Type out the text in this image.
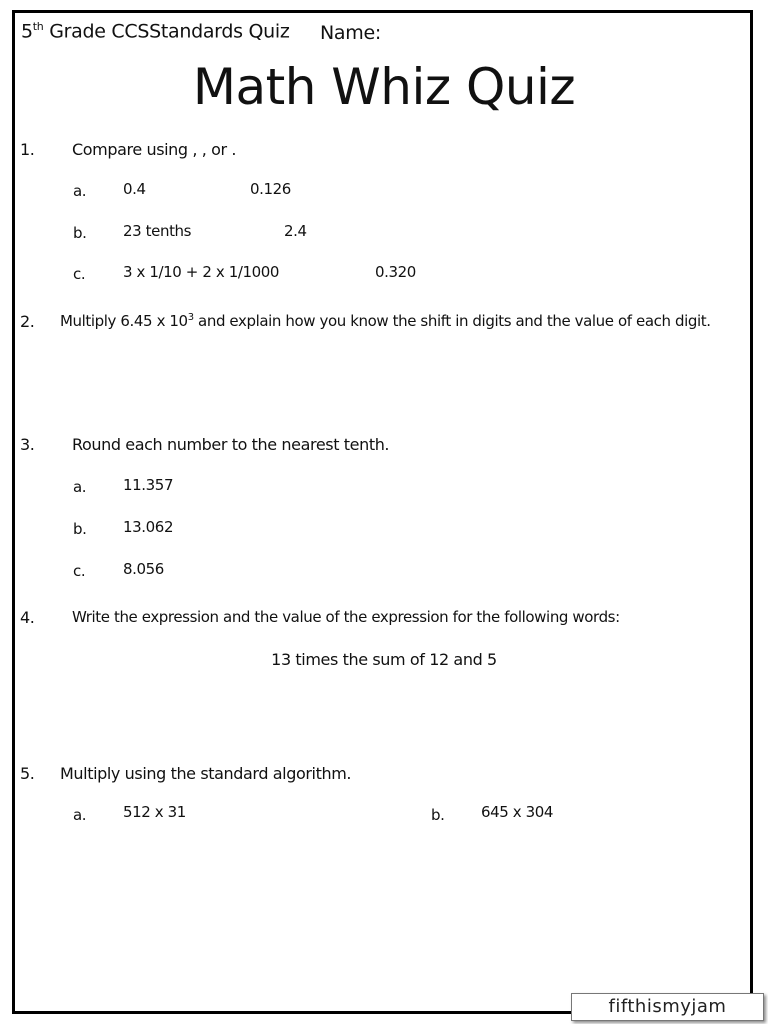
5th Grade CCSStandards Quiz Name:
Math Whiz Quiz
1. Compare using , , or .
a. 0.4	0.126
b. 23 tenths	2.4
c.	3 x 1/10 + 2 x 1/1000	0.320
2. Multiply 6.45 x $10^3$ and explain how you know the shift in digits and the value of each digit.
3. Round each number to the nearest tenth.
a. 11.357
b. 13.062
c.	8.056
4.	Write the expression and the value of the expression for the following words:
13 times the sum of 12 and 5
5. Multiply using the standard algorithm.
a. 512 x 31	b. 645 x 304
fifthismyjam
